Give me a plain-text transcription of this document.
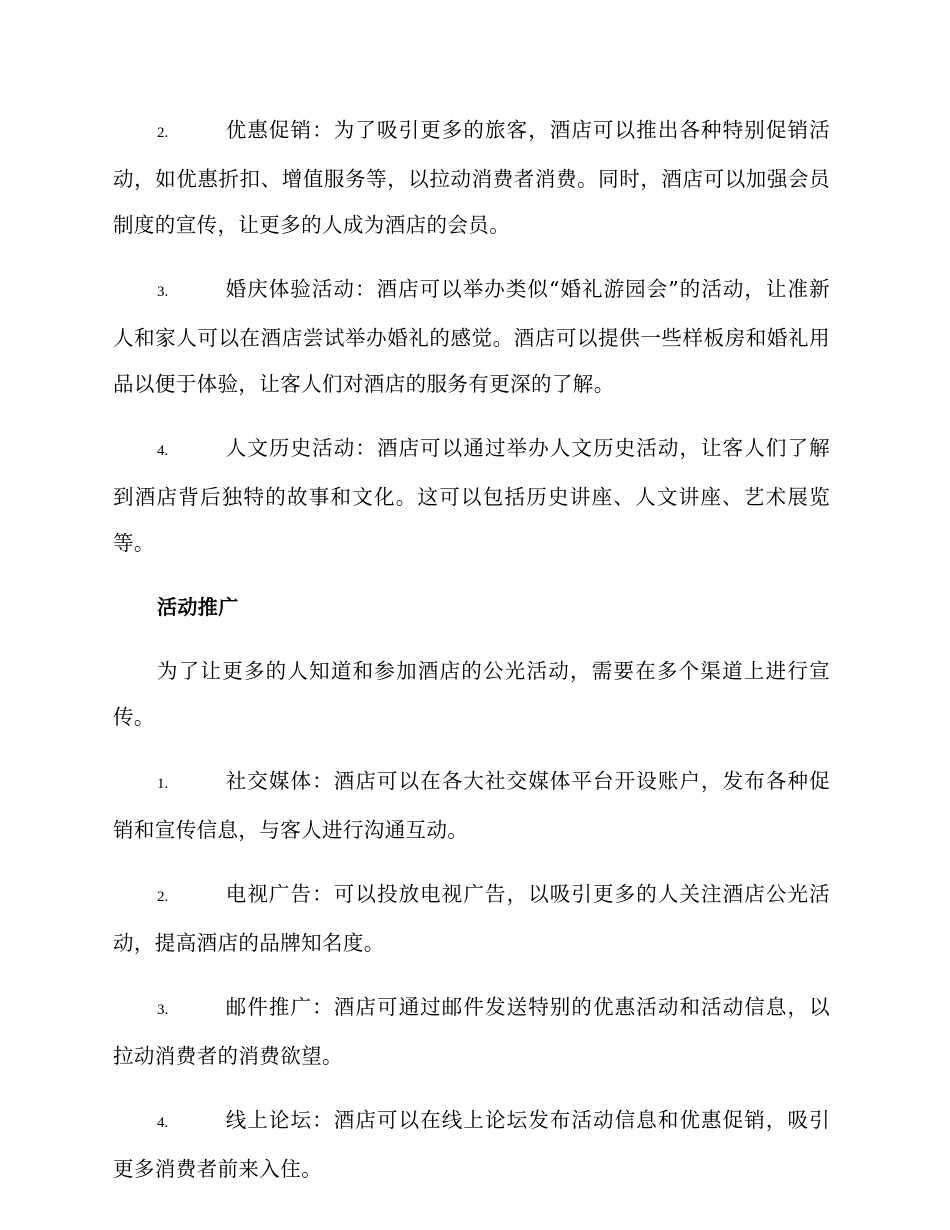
2.	优惠促销：为了吸引更多的旅客，酒店可以推出各种特别促销活动，如优惠折扣、增值服务等，以拉动消费者消费。同时，酒店可以加强会员制度的宣传，让更多的人成为酒店的会员。

3.	婚庆体验活动：酒店可以举办类似“婚礼游园会”的活动，让准新人和家人可以在酒店尝试举办婚礼的感觉。酒店可以提供一些样板房和婚礼用品以便于体验，让客人们对酒店的服务有更深的了解。

4.	人文历史活动：酒店可以通过举办人文历史活动，让客人们了解到酒店背后独特的故事和文化。这可以包括历史讲座、人文讲座、艺术展览等。

活动推广

为了让更多的人知道和参加酒店的公光活动，需要在多个渠道上进行宣传。

1.	社交媒体：酒店可以在各大社交媒体平台开设账户，发布各种促销和宣传信息，与客人进行沟通互动。

2.	电视广告：可以投放电视广告，以吸引更多的人关注酒店公光活动，提高酒店的品牌知名度。

3.	邮件推广：酒店可通过邮件发送特别的优惠活动和活动信息，以拉动消费者的消费欲望。

4.	线上论坛：酒店可以在线上论坛发布活动信息和优惠促销，吸引更多消费者前来入住。
